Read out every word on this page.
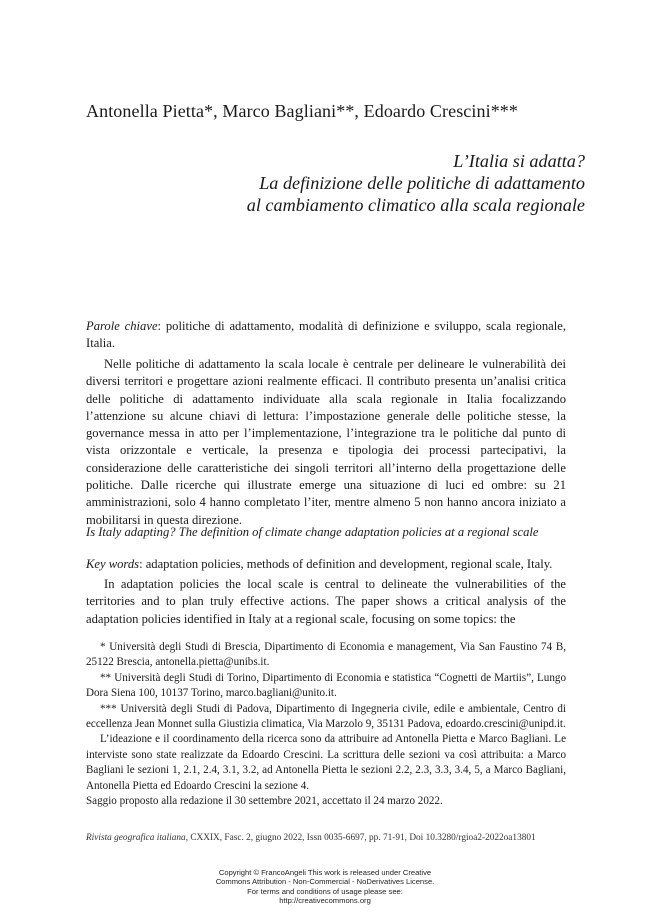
Antonella Pietta*, Marco Bagliani**, Edoardo Crescini***
L’Italia si adatta?
La definizione delle politiche di adattamento
al cambiamento climatico alla scala regionale

Parole chiave: politiche di adattamento, modalità di definizione e sviluppo, scala regionale, Italia.

Nelle politiche di adattamento la scala locale è centrale per delineare le vulnerabilità dei diversi territori e progettare azioni realmente efficaci. Il contributo presenta un’analisi critica delle politiche di adattamento individuate alla scala regionale in Italia focalizzando l’attenzione su alcune chiavi di lettura: l’impostazione generale delle politiche stesse, la governance messa in atto per l’implementazione, l’integrazione tra le politiche dal punto di vista orizzontale e verticale, la presenza e tipologia dei processi partecipativi, la considerazione delle caratteristiche dei singoli territori all’interno della progettazione delle politiche. Dalle ricerche qui illustrate emerge una situazione di luci ed ombre: su 21 amministrazioni, solo 4 hanno completato l’iter, mentre almeno 5 non hanno ancora iniziato a mobilitarsi in questa direzione.

Is Italy adapting? The definition of climate change adaptation policies at a regional scale

Key words: adaptation policies, methods of definition and development, regional scale, Italy.

In adaptation policies the local scale is central to delineate the vulnerabilities of the territories and to plan truly effective actions. The paper shows a critical analysis of the adaptation policies identified in Italy at a regional scale, focusing on some topics: the

* Università degli Studi di Brescia, Dipartimento di Economia e management, Via San Faustino 74 B, 25122 Brescia, antonella.pietta@unibs.it.

** Università degli Studi di Torino, Dipartimento di Economia e statistica “Cognetti de Martiis”, Lungo Dora Siena 100, 10137 Torino, marco.bagliani@unito.it.

*** Università degli Studi di Padova, Dipartimento di Ingegneria civile, edile e ambientale, Centro di eccellenza Jean Monnet sulla Giustizia climatica, Via Marzolo 9, 35131 Padova, edoardo.crescini@unipd.it.

L’ideazione e il coordinamento della ricerca sono da attribuire ad Antonella Pietta e Marco Bagliani. Le interviste sono state realizzate da Edoardo Crescini. La scrittura delle sezioni va così attribuita: a Marco Bagliani le sezioni 1, 2.1, 2.4, 3.1, 3.2, ad Antonella Pietta le sezioni 2.2, 2.3, 3.3, 3.4, 5, a Marco Bagliani, Antonella Pietta ed Edoardo Crescini la sezione 4.

Saggio proposto alla redazione il 30 settembre 2021, accettato il 24 marzo 2022.

Rivista geografica italiana, CXXIX, Fasc. 2, giugno 2022, Issn 0035-6697, pp. 71-91, Doi 10.3280/rgioa2-2022oa13801
Copyright © FrancoAngeli This work is released under Creative
Commons Attribution - Non-Commercial - NoDerivatives License.
For terms and conditions of usage please see:
http://creativecommons.org
